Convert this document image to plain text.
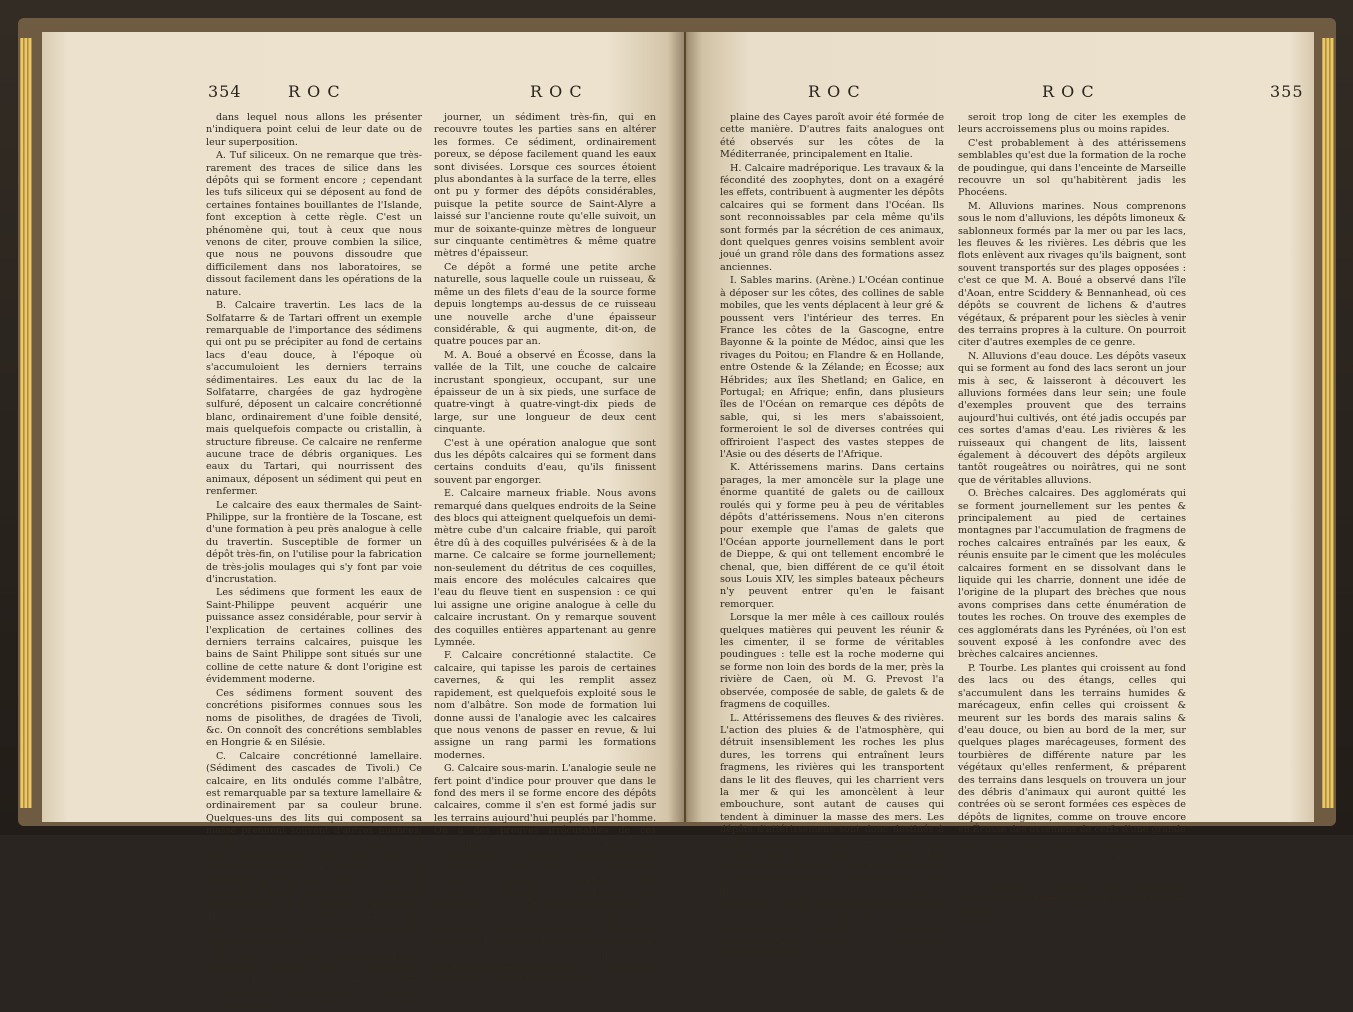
354	R O C	R O C

dans lequel nous allons les présenter n'indiquera point celui de leur date ou de leur superposition.

A. Tuf siliceux. On ne remarque que très-rarement des traces de silice dans les dépôts qui se forment encore ; cependant les tufs siliceux qui se déposent au fond de certaines fontaines bouillantes de l'Islande, font exception à cette règle. C'est un phénomène qui, tout à ceux que nous venons de citer, prouve combien la silice, que nous ne pouvons dissoudre que difficilement dans nos laboratoires, se dissout facilement dans les opérations de la nature.

B. Calcaire travertin. Les lacs de la Solfatarre & de Tartari offrent un exemple remarquable de l'importance des sédimens qui ont pu se précipiter au fond de certains lacs d'eau douce, à l'époque où s'accumuloient les derniers terrains sédimentaires. Les eaux du lac de la Solfatarre, chargées de gaz hydrogène sulfuré, déposent un calcaire concrétionné blanc, ordinairement d'une foible densité, mais quelquefois compacte ou cristallin, à structure fibreuse. Ce calcaire ne renferme aucune trace de débris organiques. Les eaux du Tartari, qui nourrissent des animaux, déposent un sédiment qui peut en renfermer.

Le calcaire des eaux thermales de Saint-Philippe, sur la frontière de la Toscane, est d'une formation à peu près analogue à celle du travertin. Susceptible de former un dépôt très-fin, on l'utilise pour la fabrication de très-jolis moulages qui s'y font par voie d'incrustation.

Les sédimens que forment les eaux de Saint-Philippe peuvent acquérir une puissance assez considérable, pour servir à l'explication de certaines collines des derniers terrains calcaires, puisque les bains de Saint Philippe sont situés sur une colline de cette nature & dont l'origine est évidemment moderne.

Ces sédimens forment souvent des concrétions pisiformes connues sous les noms de pisolithes, de dragées de Tivoli, &c. On connoît des concrétions semblables en Hongrie & en Silésie.

C. Calcaire concrétionné lamellaire. (Sédiment des cascades de Tivoli.) Ce calcaire, en lits ondulés comme l'albâtre, est remarquable par sa texture lamellaire & ordinairement par sa couleur brune. Quelques-uns des lits qui composent sa masse prennent souvent d'autres nuances; on en remarque même de très-minces qui sont d'un blanc sale. Il est déposé par les eaux des cascades de Tivoli & de Terni, & le sédiment qu'elles ont formé, & qui se continue, a donné naissance à un barrage considérable & à des rochers volumineux, dont les fragmens s'élèvent au-dessus des eaux. M. Omalius d'Halloy y a remarqué des coquilles d'eau douce.

D. Calcaire incrustant. Plusieurs sources naturelles, comme celles de Saint-Alyre près de Clermont en Auvergne, sont douées de la propriété de déposer sur les corps que l'on y laisse sé-

journer, un sédiment très-fin, qui en recouvre toutes les parties sans en altérer les formes. Ce sédiment, ordinairement poreux, se dépose facilement quand les eaux sont divisées. Lorsque ces sources étoient plus abondantes à la surface de la terre, elles ont pu y former des dépôts considérables, puisque la petite source de Saint-Alyre a laissé sur l'ancienne route qu'elle suivoit, un mur de soixante-quinze mètres de longueur sur cinquante centimètres & même quatre mètres d'épaisseur.

Ce dépôt a formé une petite arche naturelle, sous laquelle coule un ruisseau, & même un des filets d'eau de la source forme depuis longtemps au-dessus de ce ruisseau une nouvelle arche d'une épaisseur considérable, & qui augmente, dit-on, de quatre pouces par an.

M. A. Boué a observé en Écosse, dans la vallée de la Tilt, une couche de calcaire incrustant spongieux, occupant, sur une épaisseur de un à six pieds, une surface de quatre-vingt à quatre-vingt-dix pieds de large, sur une longueur de deux cent cinquante.

C'est à une opération analogue que sont dus les dépôts calcaires qui se forment dans certains conduits d'eau, qu'ils finissent souvent par engorger.

E. Calcaire marneux friable. Nous avons remarqué dans quelques endroits de la Seine des blocs qui atteignent quelquefois un demi-mètre cube d'un calcaire friable, qui paroît être dû à des coquilles pulvérisées & à de la marne. Ce calcaire se forme journellement; non-seulement du détritus de ces coquilles, mais encore des molécules calcaires que l'eau du fleuve tient en suspension : ce qui lui assigne une origine analogue à celle du calcaire incrustant. On y remarque souvent des coquilles entières appartenant au genre Lymnée.

F. Calcaire concrétionné stalactite. Ce calcaire, qui tapisse les parois de certaines cavernes, & qui les remplit assez rapidement, est quelquefois exploité sous le nom d'albâtre. Son mode de formation lui donne aussi de l'analogie avec les calcaires que nous venons de passer en revue, & lui assigne un rang parmi les formations modernes.

G. Calcaire sous-marin. L'analogie seule ne fert point d'indice pour prouver que dans le fond des mers il se forme encore des dépôts calcaires, comme il s'en est formé jadis sur les terrains aujourd'hui peuplés par l'homme. On a des preuves irrécusables de ces nouvelles formations. La roche calcaire qui se dépose sur la côte de la Grande-Terre à la Guadeloupe, & dans laquelle des squelettes humains enchâssés & cimentés ont fait croire un instant à l'existence des antropolites, en est un exemple frappant. Cette roche nouvelle est une sorte de tuf composé de molécules calcaires, de débris de coquilles & de madrépores, réunis par un ciment de même nature. Les Antilles offrent plusieurs autres exemples de ces formations modernes; à Saint-Domingue, la

R O C	R O C	355

plaine des Cayes paroît avoir été formée de cette manière. D'autres faits analogues ont été observés sur les côtes de la Méditerranée, principalement en Italie.

H. Calcaire madréporique. Les travaux & la fécondité des zoophytes, dont on a exagéré les effets, contribuent à augmenter les dépôts calcaires qui se forment dans l'Océan. Ils sont reconnoissables par cela même qu'ils sont formés par la sécrétion de ces animaux, dont quelques genres voisins semblent avoir joué un grand rôle dans des formations assez anciennes.

I. Sables marins. (Arène.) L'Océan continue à déposer sur les côtes, des collines de sable mobiles, que les vents déplacent à leur gré & poussent vers l'intérieur des terres. En France les côtes de la Gascogne, entre Bayonne & la pointe de Médoc, ainsi que les rivages du Poitou; en Flandre & en Hollande, entre Ostende & la Zélande; en Écosse; aux Hébrides; aux îles Shetland; en Galice, en Portugal; en Afrique; enfin, dans plusieurs îles de l'Océan on remarque ces dépôts de sable, qui, si les mers s'abaissoient, formeroient le sol de diverses contrées qui offriroient l'aspect des vastes steppes de l'Asie ou des déserts de l'Afrique.

K. Attérissemens marins. Dans certains parages, la mer amoncèle sur la plage une énorme quantité de galets ou de cailloux roulés qui y forme peu à peu de véritables dépôts d'attérissemens. Nous n'en citerons pour exemple que l'amas de galets que l'Océan apporte journellement dans le port de Dieppe, & qui ont tellement encombré le chenal, que, bien différent de ce qu'il étoit sous Louis XIV, les simples bateaux pêcheurs n'y peuvent entrer qu'en le faisant remorquer.

Lorsque la mer mêle à ces cailloux roulés quelques matières qui peuvent les réunir & les cimenter, il se forme de véritables poudingues : telle est la roche moderne qui se forme non loin des bords de la mer, près la rivière de Caen, où M. G. Prevost l'a observée, composée de sable, de galets & de fragmens de coquilles.

L. Attérissemens des fleuves & des rivières. L'action des pluies & de l'atmosphère, qui détruit insensiblement les roches les plus dures, les torrens qui entraînent leurs fragmens, les rivières qui les transportent dans le lit des fleuves, qui les charrient vers la mer & qui les amoncèlent à leur embouchure, sont autant de causes qui tendent à diminuer la masse des mers. Les dépôts d'attérissemens sont donc destinés à jouer un grand rôle dans les modifications qu'éprouvera la surface de la terre. Les traces de leur marche sans cesse croissante en offrent des preuves convaincantes. Ceux du Pô ont reculé dans le golfe Adriatique les limites des terres; ceux du Nil ont formé le sol de la Basse-Égypte, dont ils contribuent à augmenter encore l'étendue; ceux de la Néva ont long-temps préparé le sol qu'occupe Pétersbourg; enfin il

seroit trop long de citer les exemples de leurs accroissemens plus ou moins rapides.

C'est probablement à des attérissemens semblables qu'est due la formation de la roche de poudingue, qui dans l'enceinte de Marseille recouvre un sol qu'habitèrent jadis les Phocéens.

M. Alluvions marines. Nous comprenons sous le nom d'alluvions, les dépôts limoneux & sablonneux formés par la mer ou par les lacs, les fleuves & les rivières. Les débris que les flots enlèvent aux rivages qu'ils baignent, sont souvent transportés sur des plages opposées : c'est ce que M. A. Boué a observé dans l'île d'Aoan, entre Sciddery & Bennanhead, où ces dépôts se couvrent de lichens & d'autres végétaux, & préparent pour les siècles à venir des terrains propres à la culture. On pourroit citer d'autres exemples de ce genre.

N. Alluvions d'eau douce. Les dépôts vaseux qui se forment au fond des lacs seront un jour mis à sec, & laisseront à découvert les alluvions formées dans leur sein; une foule d'exemples prouvent que des terrains aujourd'hui cultivés, ont été jadis occupés par ces sortes d'amas d'eau. Les rivières & les ruisseaux qui changent de lits, laissent également à découvert des dépôts argileux tantôt rougeâtres ou noirâtres, qui ne sont que de véritables alluvions.

O. Brèches calcaires. Des agglomérats qui se forment journellement sur les pentes & principalement au pied de certaines montagnes par l'accumulation de fragmens de roches calcaires entraînés par les eaux, & réunis ensuite par le ciment que les molécules calcaires forment en se dissolvant dans le liquide qui les charrie, donnent une idée de l'origine de la plupart des brèches que nous avons comprises dans cette énumération de toutes les roches. On trouve des exemples de ces agglomérats dans les Pyrénées, où l'on est souvent exposé à les confondre avec des brèches calcaires anciennes.

P. Tourbe. Les plantes qui croissent au fond des lacs ou des étangs, celles qui s'accumulent dans les terrains humides & marécageux, enfin celles qui croissent & meurent sur les bords des marais salins & d'eau douce, ou bien au bord de la mer, sur quelques plages marécageuses, forment des tourbières de différente nature par les végétaux qu'elles renferment, & préparent des terrains dans lesquels on trouvera un jour des débris d'animaux qui auront quitté les contrées où se seront formées ces espèces de dépôts de lignites, comme on trouve encore en Écosse des ossemens de cerfs d'une grande taille, ou de castors qui n'y vivent plus.

TERRAINS PYROGÈNES OU PLUTONIQUES.

Les roches qui offrent toute l'apparence d'une origine ignée se remarquent dans des groupes

Y y 2
